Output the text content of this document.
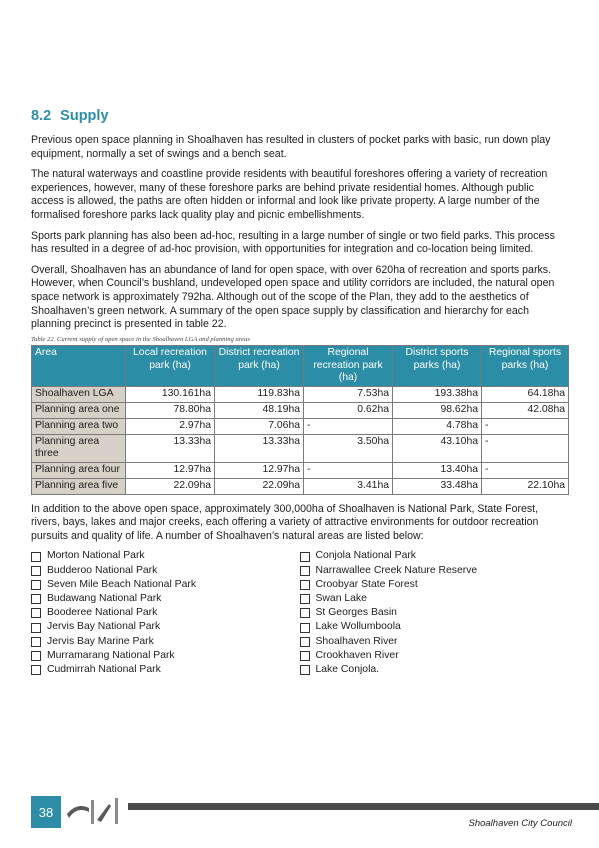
8.2 Supply

Previous open space planning in Shoalhaven has resulted in clusters of pocket parks with basic, run down play equipment, normally a set of swings and a bench seat.

The natural waterways and coastline provide residents with beautiful foreshores offering a variety of recreation experiences, however, many of these foreshore parks are behind private residential homes. Although public access is allowed, the paths are often hidden or informal and look like private property. A large number of the formalised foreshore parks lack quality play and picnic embellishments.

Sports park planning has also been ad-hoc, resulting in a large number of single or two field parks. This process has resulted in a degree of ad-hoc provision, with opportunities for integration and co-location being limited.

Overall, Shoalhaven has an abundance of land for open space, with over 620ha of recreation and sports parks. However, when Council’s bushland, undeveloped open space and utility corridors are included, the natural open space network is approximately 792ha. Although out of the scope of the Plan, they add to the aesthetics of Shoalhaven’s green network. A summary of the open space supply by classification and hierarchy for each planning precinct is presented in table 22.

Table 22. Current supply of open space in the Shoalhaven LGA and planning areas
Area	Local recreation park (ha)	District recreation park (ha)	Regional recreation park (ha)	District sports parks (ha)	Regional sports parks (ha)
Shoalhaven LGA	130.161ha	119.83ha	7.53ha	193.38ha	64.18ha
Planning area one	78.80ha	48.19ha	0.62ha	98.62ha	42.08ha
Planning area two	2.97ha	7.06ha	-	4.78ha	-
Planning area three	13.33ha	13.33ha	3.50ha	43.10ha	-
Planning area four	12.97ha	12.97ha	-	13.40ha	-
Planning area five	22.09ha	22.09ha	3.41ha	33.48ha	22.10ha

In addition to the above open space, approximately 300,000ha of Shoalhaven is National Park, State Forest, rivers, bays, lakes and major creeks, each offering a variety of attractive environments for outdoor recreation pursuits and quality of life. A number of Shoalhaven’s natural areas are listed below:

Morton National Park
Budderoo National Park
Seven Mile Beach National Park
Budawang National Park
Booderee National Park
Jervis Bay National Park
Jervis Bay Marine Park
Murramarang National Park
Cudmirrah National Park
Conjola National Park
Narrawallee Creek Nature Reserve
Croobyar State Forest
Swan Lake
St Georges Basin
Lake Wollumboola
Shoalhaven River
Crookhaven River
Lake Conjola.
38
Shoalhaven City Council
